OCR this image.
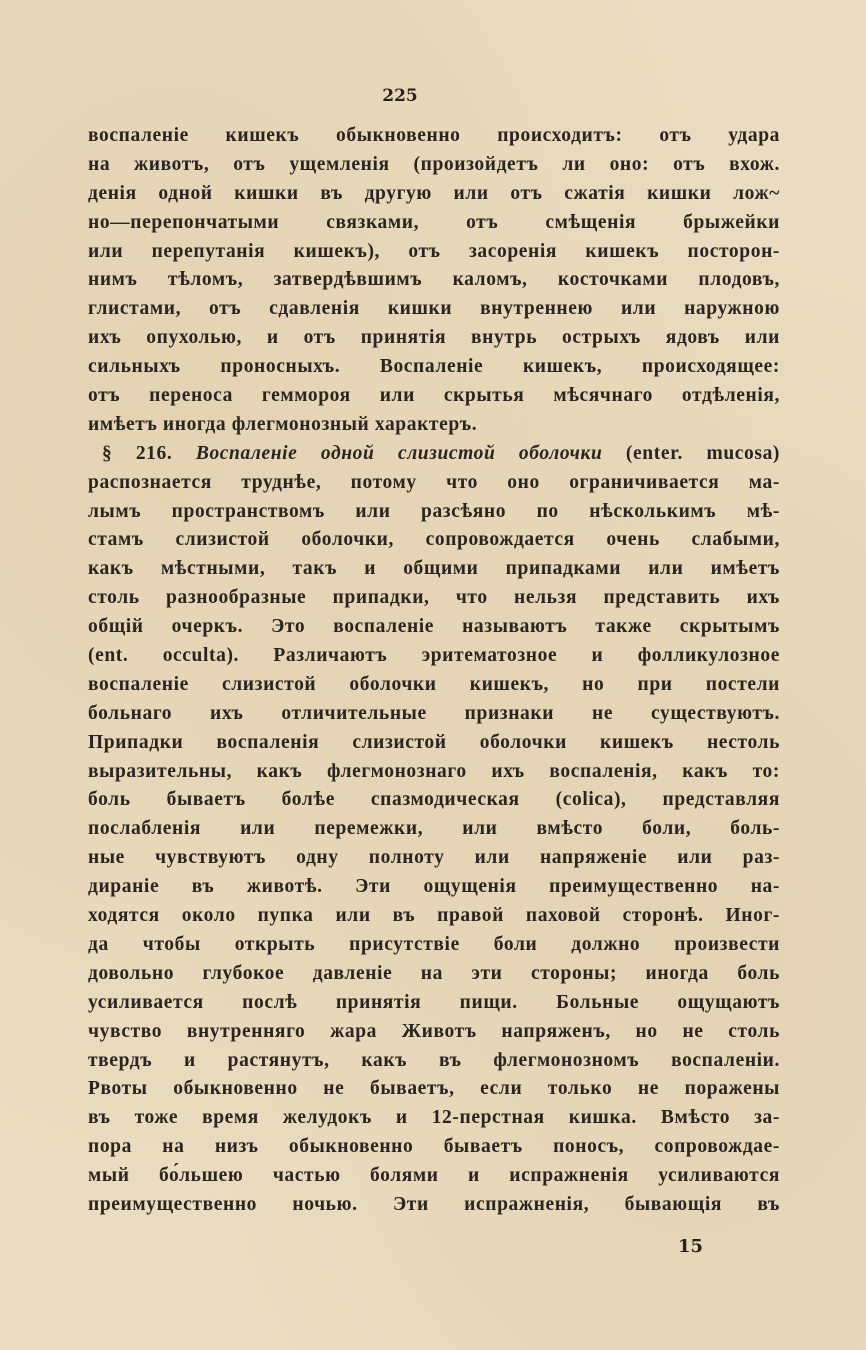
225
воспаленіе кишекъ обыкновенно происходитъ: отъ удара
на животъ, отъ ущемленія (произойдетъ ли оно: отъ вхож.
денія одной кишки въ другую или отъ сжатія кишки лож~
но—перепончатыми связками, отъ смѣщенія брыжейки
или перепутанія кишекъ), отъ засоренія кишекъ посторон-
нимъ тѣломъ, затвердѣвшимъ каломъ, косточками плодовъ,
глистами, отъ сдавленія кишки внутреннею или наружною
ихъ опухолью, и отъ принятія внутрь острыхъ ядовъ или
сильныхъ проносныхъ. Воспаленіе кишекъ, происходящее:
отъ переноса геммороя или скрытья мѣсячнаго отдѣленія,
имѣетъ иногда флегмонозный характеръ.
§ 216. Воспаленіе одной слизистой оболочки (enter. mucosa)
распознается труднѣе, потому что оно ограничивается ма-
лымъ пространствомъ или разсѣяно по нѣсколькимъ мѣ-
стамъ слизистой оболочки, сопровождается очень слабыми,
какъ мѣстными, такъ и общими припадками или имѣетъ
столь разнообразные припадки, что нельзя представить ихъ
общій очеркъ. Это воспаленіе называютъ также скрытымъ
(ent. occulta). Различаютъ эритематозное и фолликулозное
воспаленіе слизистой оболочки кишекъ, но при постели
больнаго ихъ отличительные признаки не существуютъ.
Припадки воспаленія слизистой оболочки кишекъ нестоль
выразительны, какъ флегмонознаго ихъ воспаленія, какъ то:
боль бываетъ болѣе спазмодическая (colica), представляя
послабленія или перемежки, или вмѣсто боли, боль-
ные чувствуютъ одну полноту или напряженіе или раз-
дираніе въ животѣ. Эти ощущенія преимущественно на-
ходятся около пупка или въ правой паховой сторонѣ. Иног-
да чтобы открыть присутствіе боли должно произвести
довольно глубокое давленіе на эти стороны; иногда боль
усиливается послѣ принятія пищи. Больные ощущаютъ
чувство внутренняго жара Животъ напряженъ, но не столь
твердъ и растянутъ, какъ въ флегмонозномъ воспаленіи.
Рвоты обыкновенно не бываетъ, если только не поражены
въ тоже время желудокъ и 12-перстная кишка. Вмѣсто за-
пора на низъ обыкновенно бываетъ поносъ, сопровождае-
мый бо́льшею частью болями и испражненія усиливаются
преимущественно ночью. Эти испражненія, бывающія въ
15
